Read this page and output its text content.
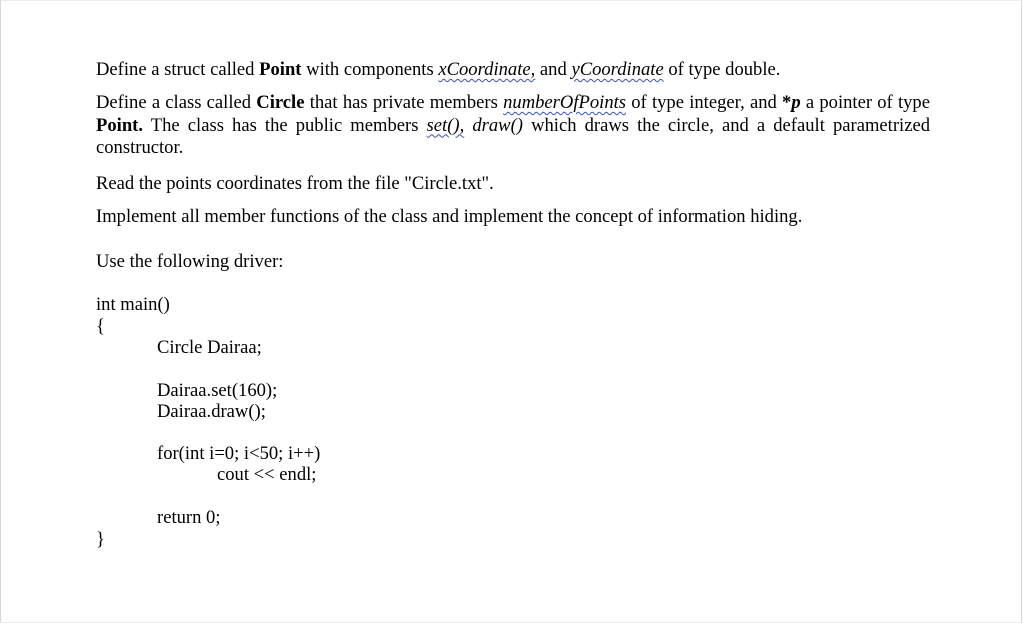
Define a struct called Point with components xCoordinate, and yCoordinate of type double.

Define a class called Circle that has private members numberOfPoints of type integer, and *p a pointer of type Point. The class has the public members set(), draw() which draws the circle, and a default parametrized constructor.

Read the points coordinates from the file "Circle.txt".

Implement all member functions of the class and implement the concept of information hiding.

Use the following driver:

int main()

{

Circle Dairaa;

Dairaa.set(160);

Dairaa.draw();

for(int i=0; i<50; i++)

cout << endl;

return 0;

}
